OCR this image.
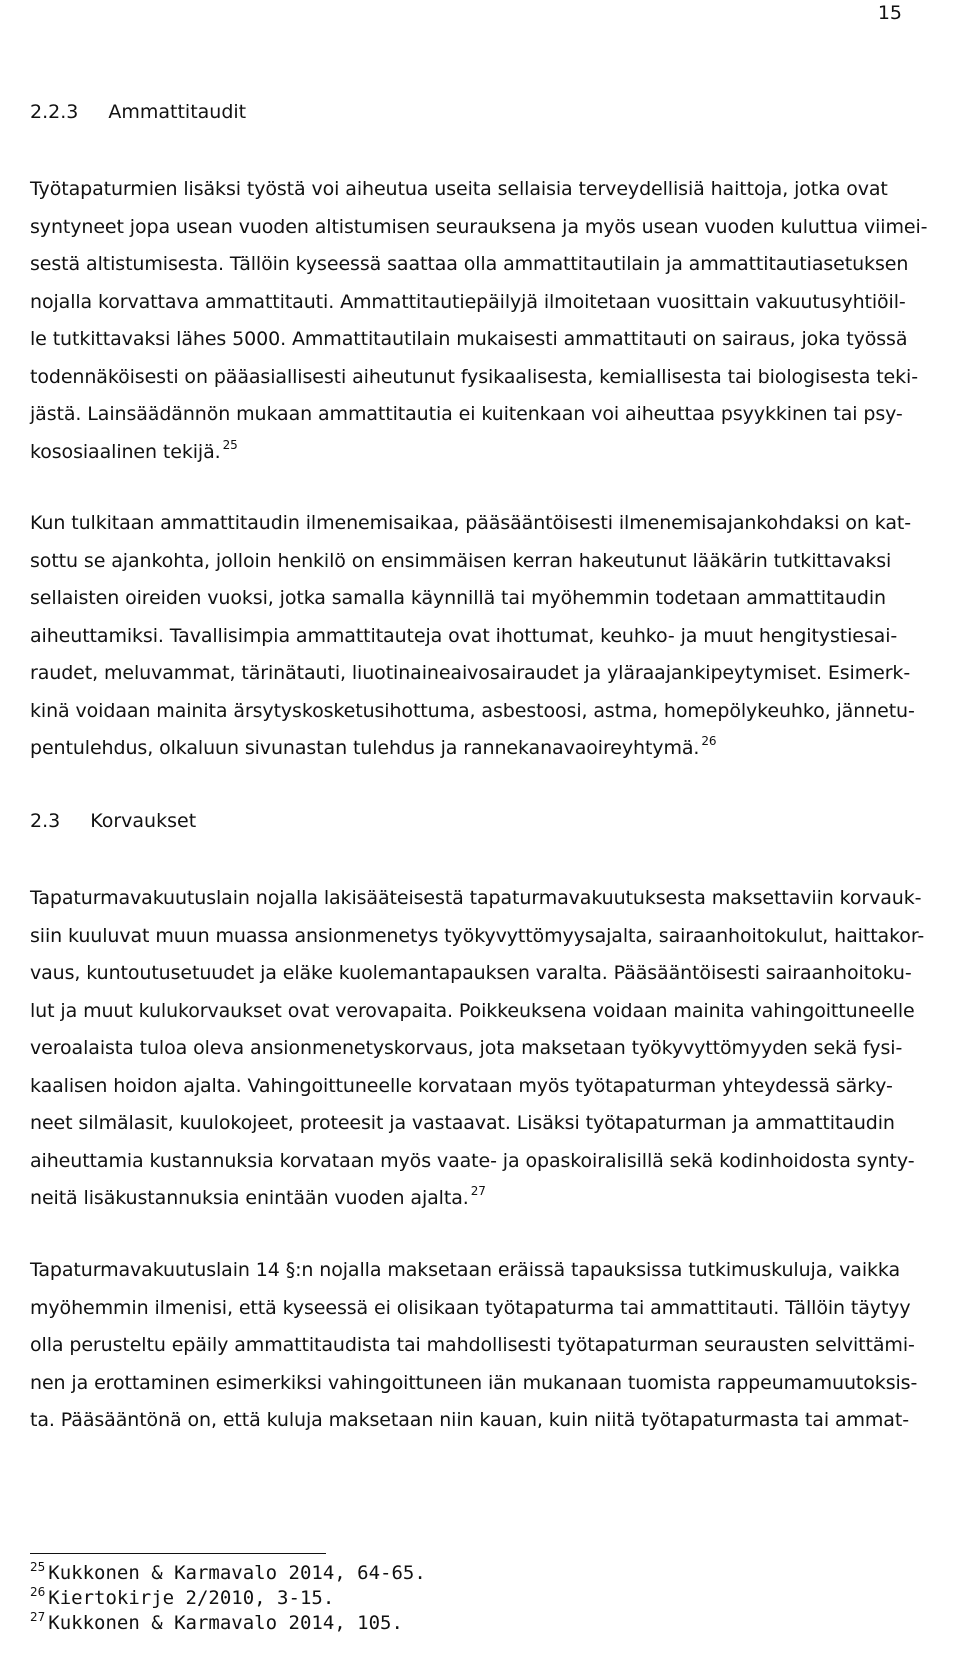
15
2.2.3 Ammattitaudit
Työtapaturmien lisäksi työstä voi aiheutua useita sellaisia terveydellisiä haittoja, jotka ovat
syntyneet jopa usean vuoden altistumisen seurauksena ja myös usean vuoden kuluttua viimei-
sestä altistumisesta. Tällöin kyseessä saattaa olla ammattitautilain ja ammattitautiasetuksen
nojalla korvattava ammattitauti. Ammattitautiepäilyjä ilmoitetaan vuosittain vakuutusyhtiöil-
le tutkittavaksi lähes 5000. Ammattitautilain mukaisesti ammattitauti on sairaus, joka työssä
todennäköisesti on pääasiallisesti aiheutunut fysikaalisesta, kemiallisesta tai biologisesta teki-
jästä. Lainsäädännön mukaan ammattitautia ei kuitenkaan voi aiheuttaa psyykkinen tai psy-
kososiaalinen tekijä. $^{25}$
Kun tulkitaan ammattitaudin ilmenemisaikaa, pääsääntöisesti ilmenemisajankohdaksi on kat-
sottu se ajankohta, jolloin henkilö on ensimmäisen kerran hakeutunut lääkärin tutkittavaksi
sellaisten oireiden vuoksi, jotka samalla käynnillä tai myöhemmin todetaan ammattitaudin
aiheuttamiksi. Tavallisimpia ammattitauteja ovat ihottumat, keuhko- ja muut hengitystiesai-
raudet, meluvammat, tärinätauti, liuotinaineaivosairaudet ja yläraajankipeytymiset. Esimerk-
kinä voidaan mainita ärsytyskosketusihottuma, asbestoosi, astma, homepölykeuhko, jännetu-
pentulehdus, olkaluun sivunastan tulehdus ja rannekanavaoireyhtymä. $^{26}$
2.3 Korvaukset
Tapaturmavakuutuslain nojalla lakisääteisestä tapaturmavakuutuksesta maksettaviin korvauk-
siin kuuluvat muun muassa ansionmenetys työkyvyttömyysajalta, sairaanhoitokulut, haittakor-
vaus, kuntoutusetuudet ja eläke kuolemantapauksen varalta. Pääsääntöisesti sairaanhoitoku-
lut ja muut kulukorvaukset ovat verovapaita. Poikkeuksena voidaan mainita vahingoittuneelle
veroalaista tuloa oleva ansionmenetyskorvaus, jota maksetaan työkyvyttömyyden sekä fysi-
kaalisen hoidon ajalta. Vahingoittuneelle korvataan myös työtapaturman yhteydessä särky-
neet silmälasit, kuulokojeet, proteesit ja vastaavat. Lisäksi työtapaturman ja ammattitaudin
aiheuttamia kustannuksia korvataan myös vaate- ja opaskoiralisillä sekä kodinhoidosta synty-
neitä lisäkustannuksia enintään vuoden ajalta. $^{27}$
Tapaturmavakuutuslain 14 §:n nojalla maksetaan eräissä tapauksissa tutkimuskuluja, vaikka
myöhemmin ilmenisi, että kyseessä ei olisikaan työtapaturma tai ammattitauti. Tällöin täytyy
olla perusteltu epäily ammattitaudista tai mahdollisesti työtapaturman seurausten selvittämi-
nen ja erottaminen esimerkiksi vahingoittuneen iän mukanaan tuomista rappeumamuutoksis-
ta. Pääsääntönä on, että kuluja maksetaan niin kauan, kuin niitä työtapaturmasta tai ammat-
$^{25}$ Kukkonen & Karmavalo 2014, 64-65.
$^{26}$ Kiertokirje 2/2010, 3-15.
$^{27}$ Kukkonen & Karmavalo 2014, 105.
